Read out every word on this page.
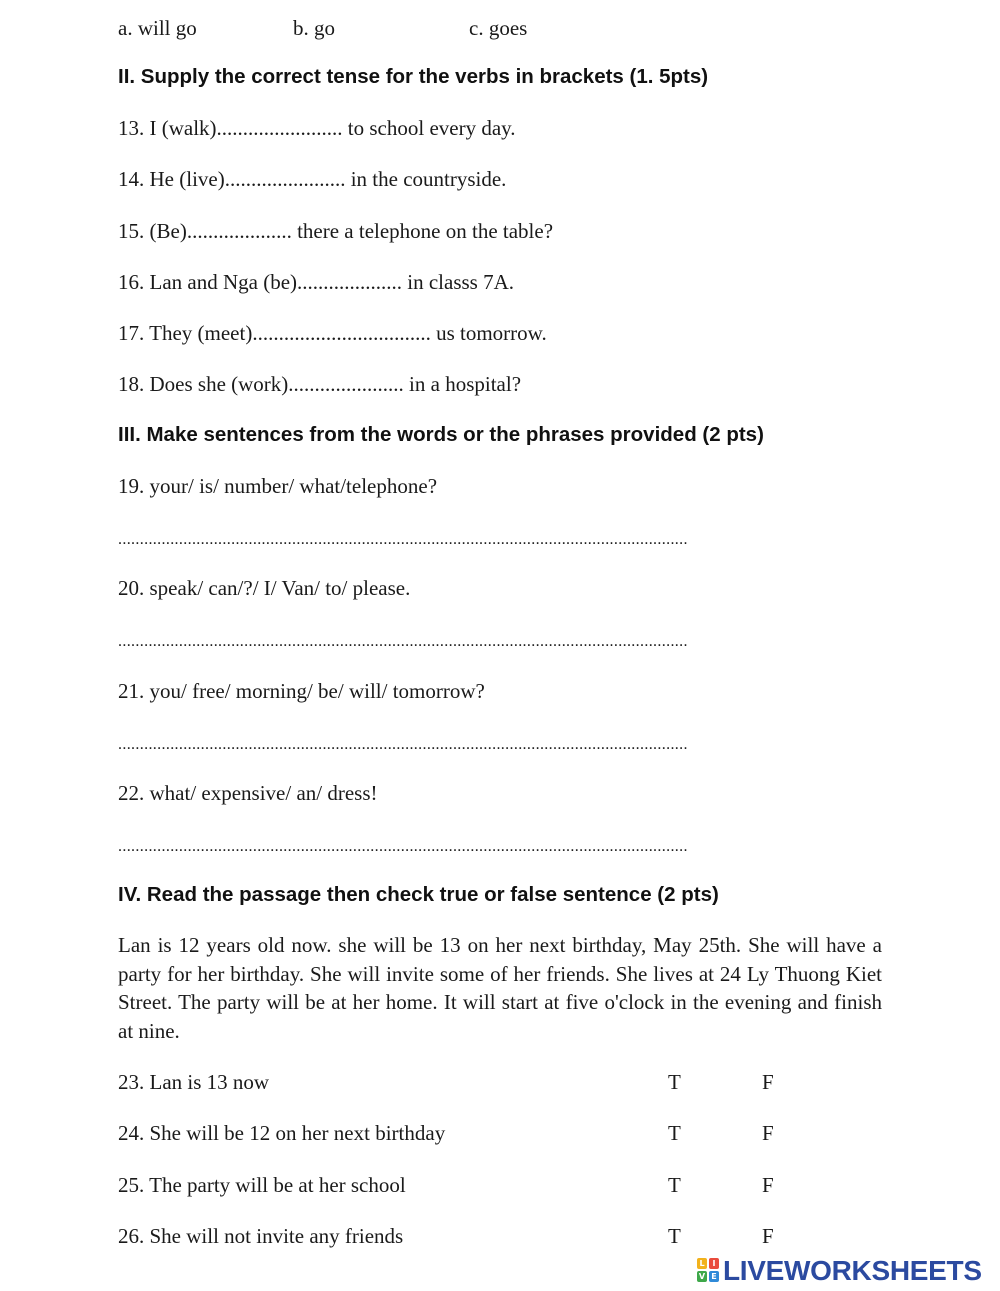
a. will go	b. go	c. goes
II. Supply the correct tense for the verbs in brackets (1. 5pts)
13. I (walk)........................ to school every day.
14. He (live)....................... in the countryside.
15. (Be).................... there a telephone on the table?
16. Lan and Nga (be).................... in classs 7A.
17. They (meet).................................. us tomorrow.
18. Does she (work)...................... in a hospital?
III. Make sentences from the words or the phrases provided (2 pts)
19. your/ is/ number/ what/telephone?
...................................................................................................................................
20. speak/ can/?/ I/ Van/ to/ please.
...................................................................................................................................
21. you/ free/ morning/ be/ will/ tomorrow?
...................................................................................................................................
22. what/ expensive/ an/ dress!
...................................................................................................................................
IV. Read the passage then check true or false sentence (2 pts)
Lan is 12 years old now. she will be 13 on her next birthday, May 25th. She will have a party for her birthday. She will invite some of her friends. She lives at 24 Ly Thuong Kiet Street. The party will be at her home. It will start at five o'clock in the evening and finish at nine.
23. Lan is 13 now	T	F
24. She will be 12 on her next birthday	T	F
25. The party will be at her school	T	F
26. She will not invite any friends	T	F
L I
V E LIVEWORKSHEETS
